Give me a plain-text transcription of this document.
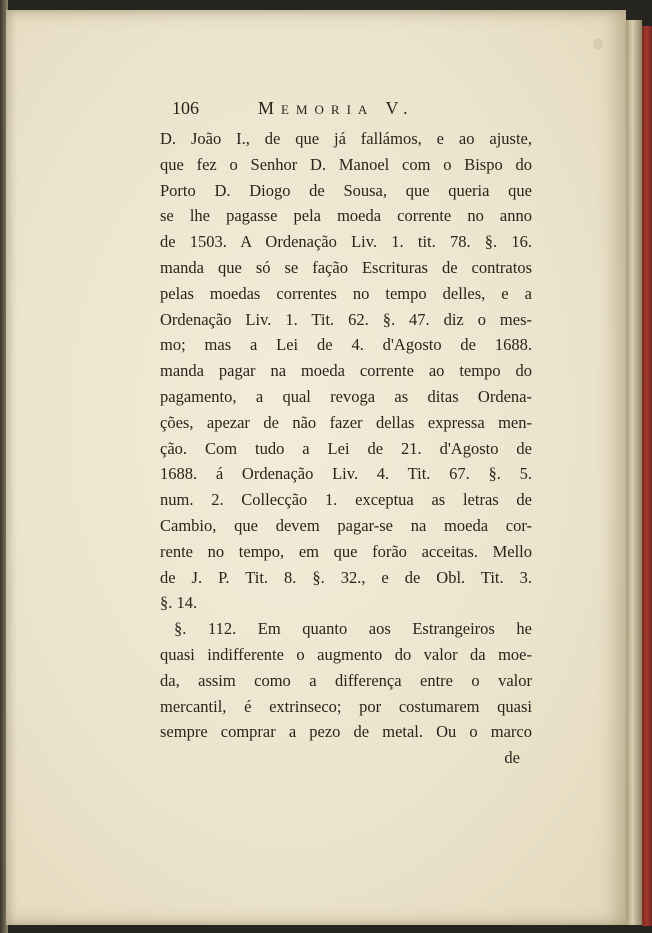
106	Memoria V.
D. João I., de que já fallámos, e ao ajuste,
que fez o Senhor D. Manoel com o Bispo do
Porto D. Diogo de Sousa, que queria que
se lhe pagasse pela moeda corrente no anno
de 1503. A Ordenação Liv. 1. tit. 78. §. 16.
manda que só se fação Escrituras de contratos
pelas moedas correntes no tempo delles, e a
Ordenação Liv. 1. Tit. 62. §. 47. diz o mes-
mo; mas a Lei de 4. d'Agosto de 1688.
manda pagar na moeda corrente ao tempo do
pagamento, a qual revoga as ditas Ordena-
ções, apezar de não fazer dellas expressa men-
ção. Com tudo a Lei de 21. d'Agosto de
1688. á Ordenação Liv. 4. Tit. 67. §. 5.
num. 2. Collecção 1. exceptua as letras de
Cambio, que devem pagar-se na moeda cor-
rente no tempo, em que forão acceitas. Mello
de J. P. Tit. 8. §. 32., e de Obl. Tit. 3.
§. 14.
§. 112. Em quanto aos Estrangeiros he
quasi indifferente o augmento do valor da moe-
da, assim como a differença entre o valor
mercantil, é extrinseco; por costumarem quasi
sempre comprar a pezo de metal. Ou o marco
de
